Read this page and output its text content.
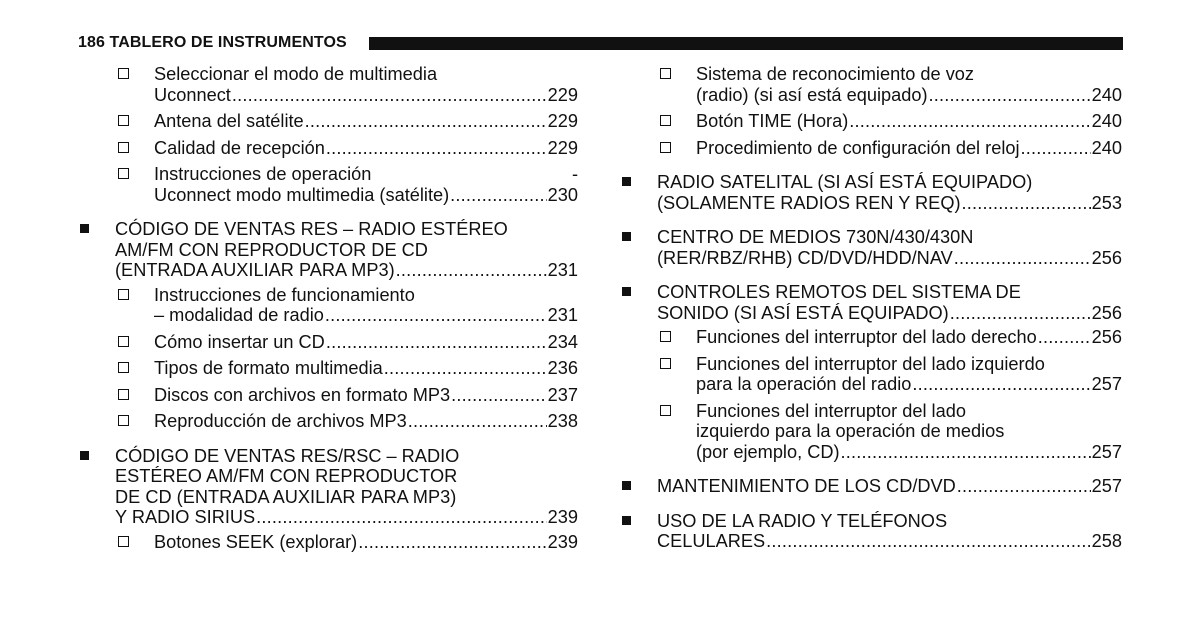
186 TABLERO DE INSTRUMENTOS
Seleccionar el modo de multimedia
Uconnect .....	229
Antena del satélite .....	229
Calidad de recepción .....	229
Instrucciones de operación	-
Uconnect modo multimedia (satélite) .....	230
CÓDIGO DE VENTAS RES – RADIO ESTÉREO
AM/FM CON REPRODUCTOR DE CD
(ENTRADA AUXILIAR PARA MP3) .....	231
Instrucciones de funcionamiento
– modalidad de radio .....	231
Cómo insertar un CD .....	234
Tipos de formato multimedia .....	236
Discos con archivos en formato MP3 .....	237
Reproducción de archivos MP3 .....	238
CÓDIGO DE VENTAS RES/RSC – RADIO
ESTÉREO AM/FM CON REPRODUCTOR
DE CD (ENTRADA AUXILIAR PARA MP3)
Y RADIO SIRIUS .....	239
Botones SEEK (explorar) .....	239
Sistema de reconocimiento de voz
(radio) (si así está equipado) .....	240
Botón TIME (Hora) .....	240
Procedimiento de configuración del reloj .....	240
RADIO SATELITAL (SI ASÍ ESTÁ EQUIPADO)
(SOLAMENTE RADIOS REN Y REQ) .....	253
CENTRO DE MEDIOS 730N/430/430N
(RER/RBZ/RHB) CD/DVD/HDD/NAV .....	256
CONTROLES REMOTOS DEL SISTEMA DE
SONIDO (SI ASÍ ESTÁ EQUIPADO) .....	256
Funciones del interruptor del lado derecho .....	256
Funciones del interruptor del lado izquierdo
para la operación del radio .....	257
Funciones del interruptor del lado
izquierdo para la operación de medios
(por ejemplo, CD) .....	257
MANTENIMIENTO DE LOS CD/DVD .....	257
USO DE LA RADIO Y TELÉFONOS
CELULARES .....	258
